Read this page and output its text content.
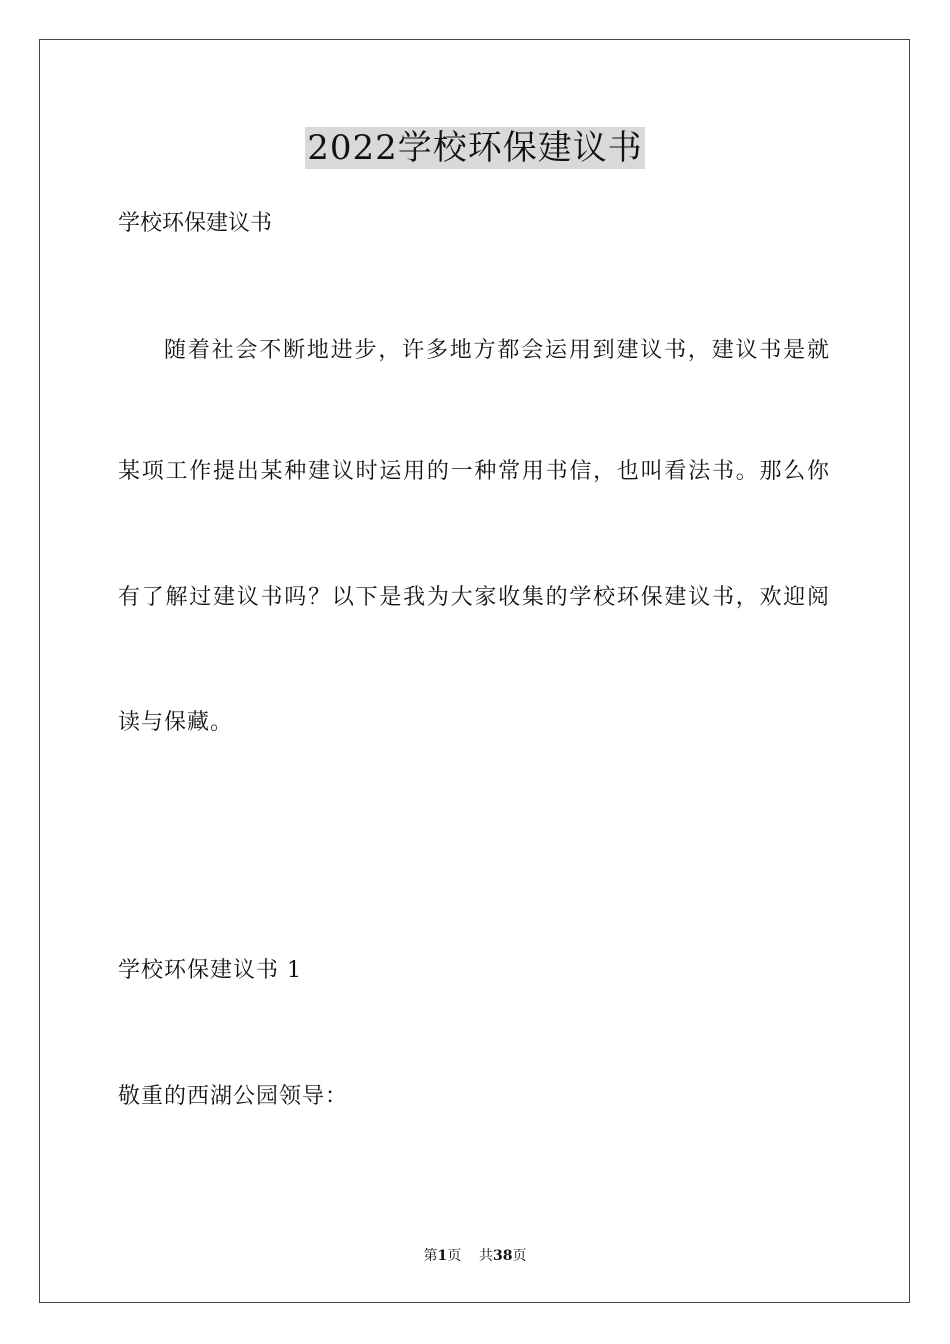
2022学校环保建议书
学校环保建议书
随着社会不断地进步，许多地方都会运用到建议书，建议书是就
某项工作提出某种建议时运用的一种常用书信，也叫看法书。那么你
有了解过建议书吗？以下是我为大家收集的学校环保建议书，欢迎阅
读与保藏。
学校环保建议书 1
敬重的西湖公园领导：
第1页 共38页
